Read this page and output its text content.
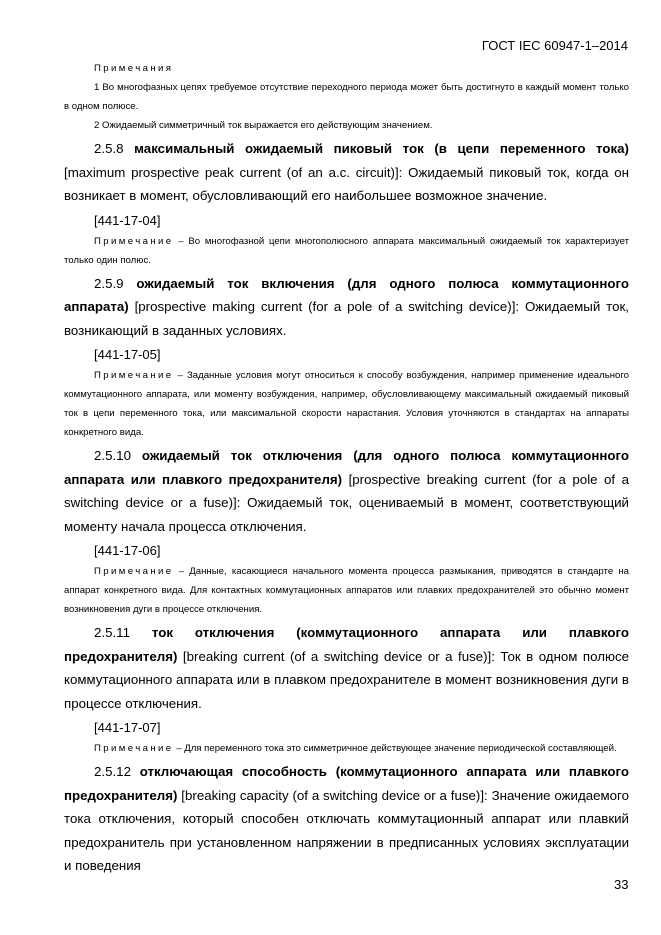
ГОСТ IEC 60947-1–2014
Примечания

1 Во многофазных цепях требуемое отсутствие переходного периода может быть достигнуто в каждый момент только в одном полюсе.

2 Ожидаемый симметричный ток выражается его действующим значением.

2.5.8 максимальный ожидаемый пиковый ток (в цепи переменного тока) [maximum prospective peak current (of an a.c. circuit)]: Ожидаемый пиковый ток, когда он возникает в момент, обусловливающий его наибольшее возможное значение.

[441-17-04]

Примечание – Во многофазной цепи многополюсного аппарата максимальный ожидаемый ток характеризует только один полюс.

2.5.9 ожидаемый ток включения (для одного полюса коммутационного аппарата) [prospective making current (for a pole of a switching device)]: Ожидаемый ток, возникающий в заданных условиях.

[441-17-05]

Примечание – Заданные условия могут относиться к способу возбуждения, например применение идеального коммутационного аппарата, или моменту возбуждения, например, обусловливающему максимальный ожидаемый пиковый ток в цепи переменного тока, или максимальной скорости нарастания. Условия уточняются в стандартах на аппараты конкретного вида.

2.5.10 ожидаемый ток отключения (для одного полюса коммутационного аппарата или плавкого предохранителя) [prospective breaking current (for a pole of a switching device or a fuse)]: Ожидаемый ток, оцениваемый в момент, соответствующий моменту начала процесса отключения.

[441-17-06]

Примечание – Данные, касающиеся начального момента процесса размыкания, приводятся в стандарте на аппарат конкретного вида. Для контактных коммутационных аппаратов или плавких предохранителей это обычно момент возникновения дуги в процессе отключения.

2.5.11 ток отключения (коммутационного аппарата или плавкого предохранителя) [breaking current (of a switching device or a fuse)]: Ток в одном полюсе коммутационного аппарата или в плавком предохранителе в момент возникновения дуги в процессе отключения.

[441-17-07]

Примечание – Для переменного тока это симметричное действующее значение периодической составляющей.

2.5.12 отключающая способность (коммутационного аппарата или плавкого предохранителя) [breaking capacity (of a switching device or a fuse)]: Значение ожидаемого тока отключения, который способен отключать коммутационный аппарат или плавкий предохранитель при установленном напряжении в предписанных условиях эксплуатации и поведения

33
